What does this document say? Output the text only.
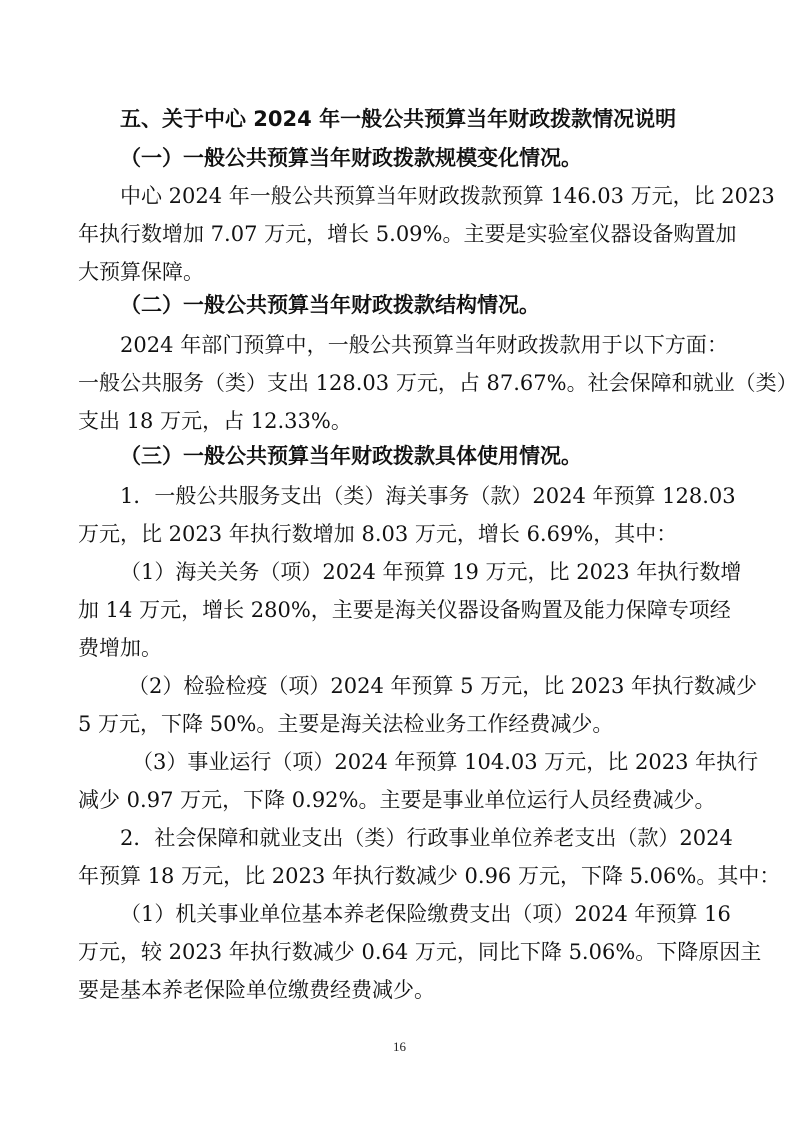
五、关于中心 2024 年一般公共预算当年财政拨款情况说明

（一）一般公共预算当年财政拨款规模变化情况。

中心 2024 年一般公共预算当年财政拨款预算 146.03 万元，比 2023

年执行数增加 7.07 万元，增长 5.09%。主要是实验室仪器设备购置加

大预算保障。

（二）一般公共预算当年财政拨款结构情况。

2024 年部门预算中，一般公共预算当年财政拨款用于以下方面：

一般公共服务（类）支出 128.03 万元，占 87.67%。社会保障和就业（类）

支出 18 万元，占 12.33%。

（三）一般公共预算当年财政拨款具体使用情况。

1．一般公共服务支出（类）海关事务（款）2024 年预算 128.03

万元，比 2023 年执行数增加 8.03 万元，增长 6.69%，其中：

（1）海关关务（项）2024 年预算 19 万元，比 2023 年执行数增

加 14 万元，增长 280%，主要是海关仪器设备购置及能力保障专项经

费增加。

（2）检验检疫（项）2024 年预算 5 万元，比 2023 年执行数减少

5 万元，下降 50%。主要是海关法检业务工作经费减少。

（3）事业运行（项）2024 年预算 104.03 万元，比 2023 年执行

减少 0.97 万元，下降 0.92%。主要是事业单位运行人员经费减少。

2．社会保障和就业支出（类）行政事业单位养老支出（款）2024

年预算 18 万元，比 2023 年执行数减少 0.96 万元，下降 5.06%。其中：

（1）机关事业单位基本养老保险缴费支出（项）2024 年预算 16

万元，较 2023 年执行数减少 0.64 万元，同比下降 5.06%。下降原因主

要是基本养老保险单位缴费经费减少。

16
